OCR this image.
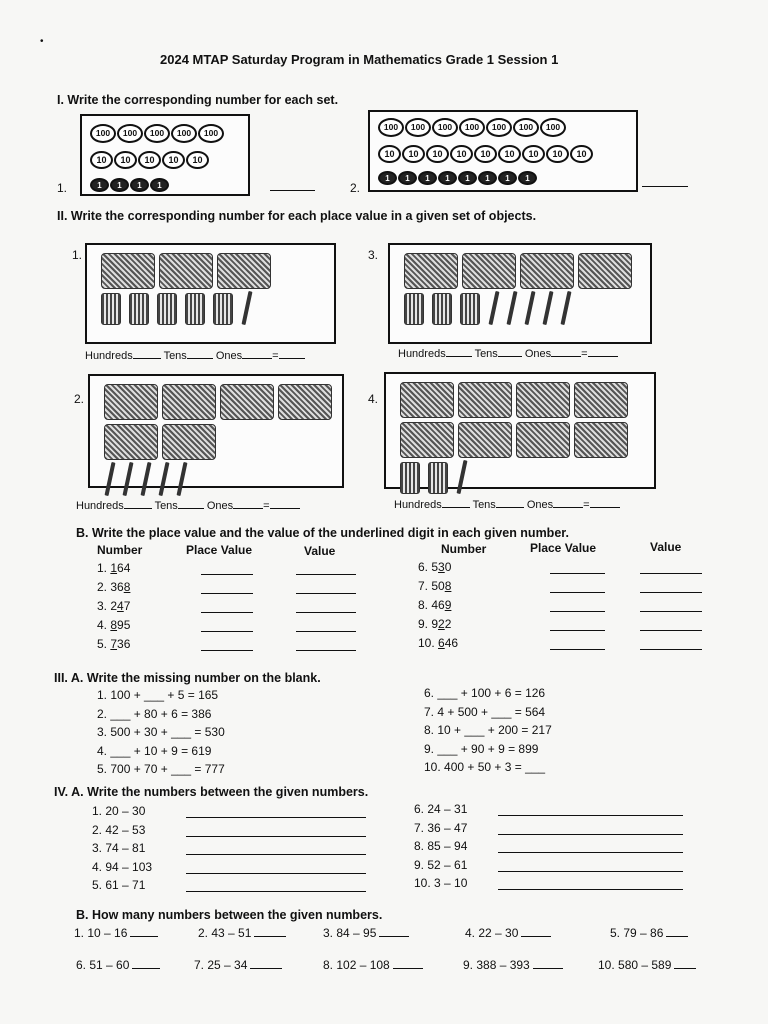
•
2024 MTAP Saturday Program in Mathematics Grade 1 Session 1
I. Write the corresponding number for each set.
1.
100 100 100 100 100
10 10 10 10 10
1 1 1 1	2.
100 100 100 100 100 100 100
10 10 10 10 10 10 10 10 10
1 1 1 1 1 1 1 1
II. Write the corresponding number for each place value in a given set of objects.
1.	3.
Hundreds	Tens	Ones	=	Hundreds	Tens Ones	=
2.	4.
Hundreds	Tens	Ones	=	Hundreds	Tens	Ones	=
B. Write the place value and the value of the underlined digit in each given number.
Number	Place Value	Value	Number	Place Value	Value
1. 164
2. 368
3. 247
4. 895
5. 736
6. 530
7. 508
8. 469
9. 922
10. 646
III. A. Write the missing number on the blank.
1. 100 + ___ + 5 = 165
2. ___ + 80 + 6 = 386
3. 500 + 30 + ___ = 530
4. ___ + 10 + 9 = 619
5. 700 + 70 + ___ = 777
6. ___ + 100 + 6 = 126
7. 4 + 500 + ___ = 564
8. 10 + ___ + 200 = 217
9. ___ + 90 + 9 = 899
10. 400 + 50 + 3 = ___
IV. A. Write the numbers between the given numbers.
1. 20 – 30
2. 42 – 53
3. 74 – 81
4. 94 – 103
5. 61 – 71
6. 24 – 31
7. 36 – 47
8. 85 – 94
9. 52 – 61
10. 3 – 10
B. How many numbers between the given numbers.
1. 10 – 16	2. 43 – 51	3. 84 – 95	4. 22 – 30	5. 79 – 86
6. 51 – 60	7. 25 – 34	8. 102 – 108	9. 388 – 393	10. 580 – 589
